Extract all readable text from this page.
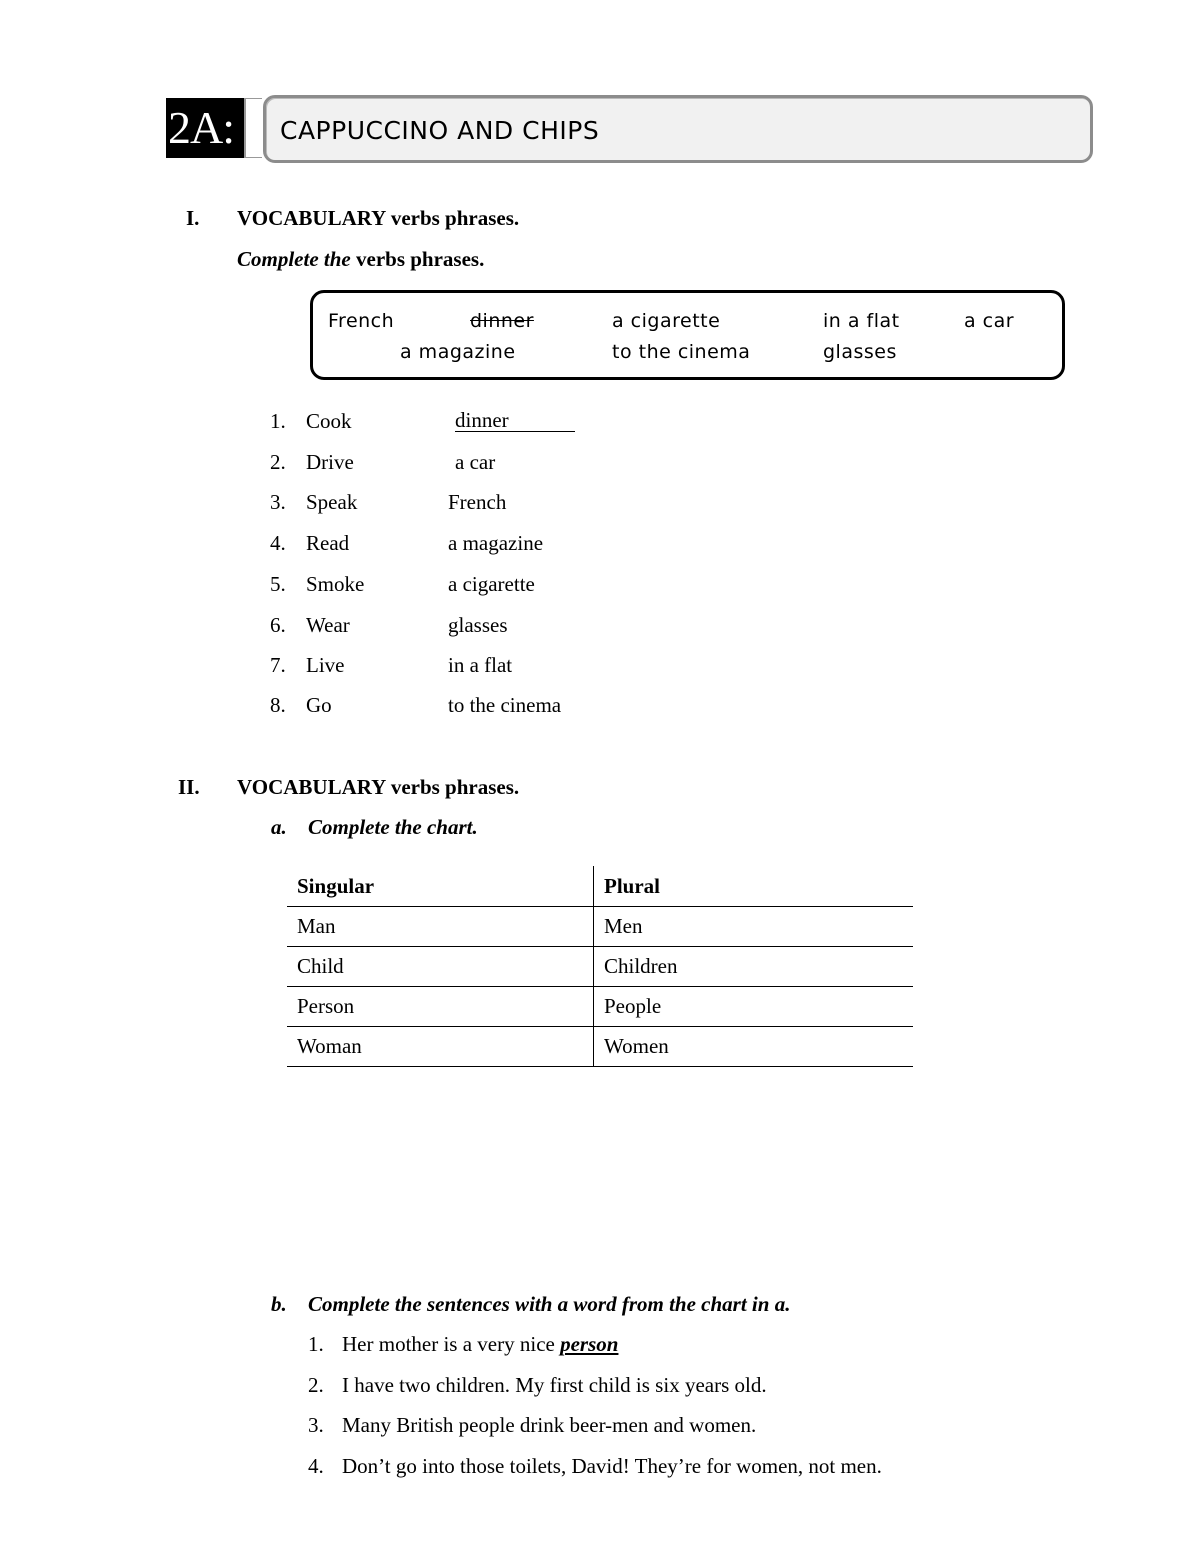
2A:	CAPPUCCINO AND CHIPS
I. VOCABULARY verbs phrases.
Complete the verbs phrases.
French	dinner	a cigarette	in a flat	a car
a magazine	to the cinema	glasses
1. Cook	dinner
2. Drive	a car
3. Speak	French
4. Read	a magazine
5. Smoke	a cigarette
6. Wear	glasses
7. Live	in a flat
8. Go	to the cinema
II. VOCABULARY verbs phrases.
a. Complete the chart.
Singular	Plural
Man	Men
Child	Children
Person	People
Woman	Women
b. Complete the sentences with a word from the chart in a.
1. Her mother is a very nice person
2. I have two children. My first child is six years old.
3. Many British people drink beer-men and women.
4. Don’t go into those toilets, David! They’re for women, not men.
